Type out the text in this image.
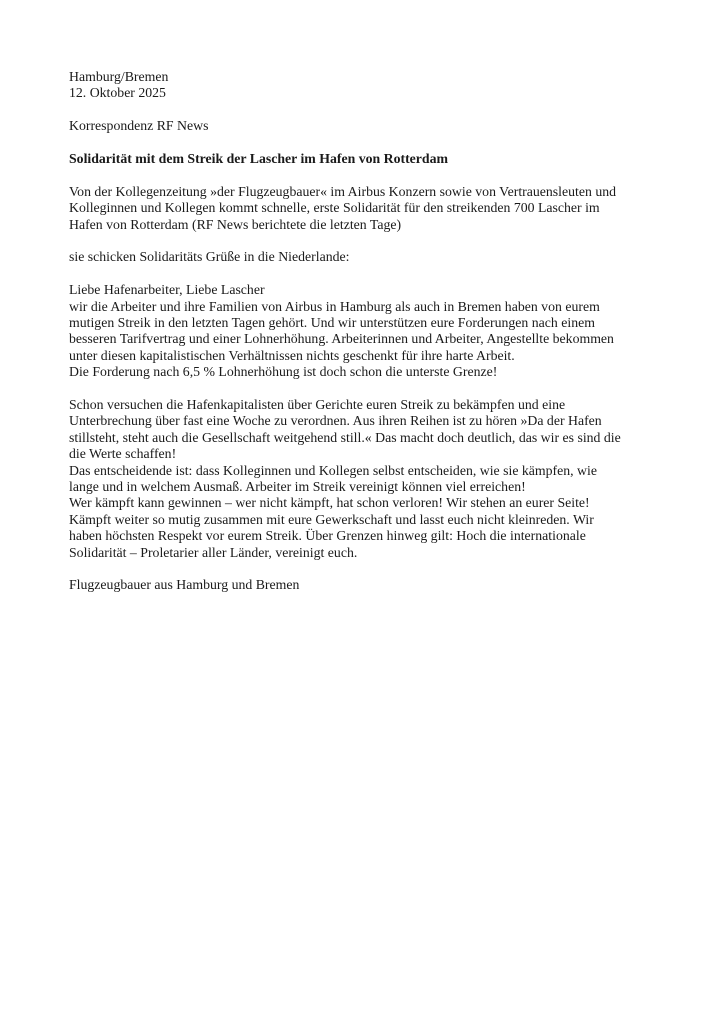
Hamburg/Bremen
12. Oktober 2025
Korrespondenz RF News
Solidarität mit dem Streik der Lascher im Hafen von Rotterdam
Von der Kollegenzeitung »der Flugzeugbauer« im Airbus Konzern sowie von Vertrauensleuten und
Kolleginnen und Kollegen kommt schnelle, erste Solidarität für den streikenden 700 Lascher im
Hafen von Rotterdam (RF News berichtete die letzten Tage)
sie schicken Solidaritäts Grüße in die Niederlande:
Liebe Hafenarbeiter, Liebe Lascher
wir die Arbeiter und ihre Familien von Airbus in Hamburg als auch in Bremen haben von eurem
mutigen Streik in den letzten Tagen gehört. Und wir unterstützen eure Forderungen nach einem
besseren Tarifvertrag und einer Lohnerhöhung. Arbeiterinnen und Arbeiter, Angestellte bekommen
unter diesen kapitalistischen Verhältnissen nichts geschenkt für ihre harte Arbeit.
Die Forderung nach 6,5 % Lohnerhöhung ist doch schon die unterste Grenze!
Schon versuchen die Hafenkapitalisten über Gerichte euren Streik zu bekämpfen und eine
Unterbrechung über fast eine Woche zu verordnen. Aus ihren Reihen ist zu hören »Da der Hafen
stillsteht, steht auch die Gesellschaft weitgehend still.« Das macht doch deutlich, das wir es sind die
die Werte schaffen!
Das entscheidende ist: dass Kolleginnen und Kollegen selbst entscheiden, wie sie kämpfen, wie
lange und in welchem Ausmaß. Arbeiter im Streik vereinigt können viel erreichen!
Wer kämpft kann gewinnen – wer nicht kämpft, hat schon verloren! Wir stehen an eurer Seite!
Kämpft weiter so mutig zusammen mit eure Gewerkschaft und lasst euch nicht kleinreden. Wir
haben höchsten Respekt vor eurem Streik. Über Grenzen hinweg gilt: Hoch die internationale
Solidarität – Proletarier aller Länder, vereinigt euch.
Flugzeugbauer aus Hamburg und Bremen
